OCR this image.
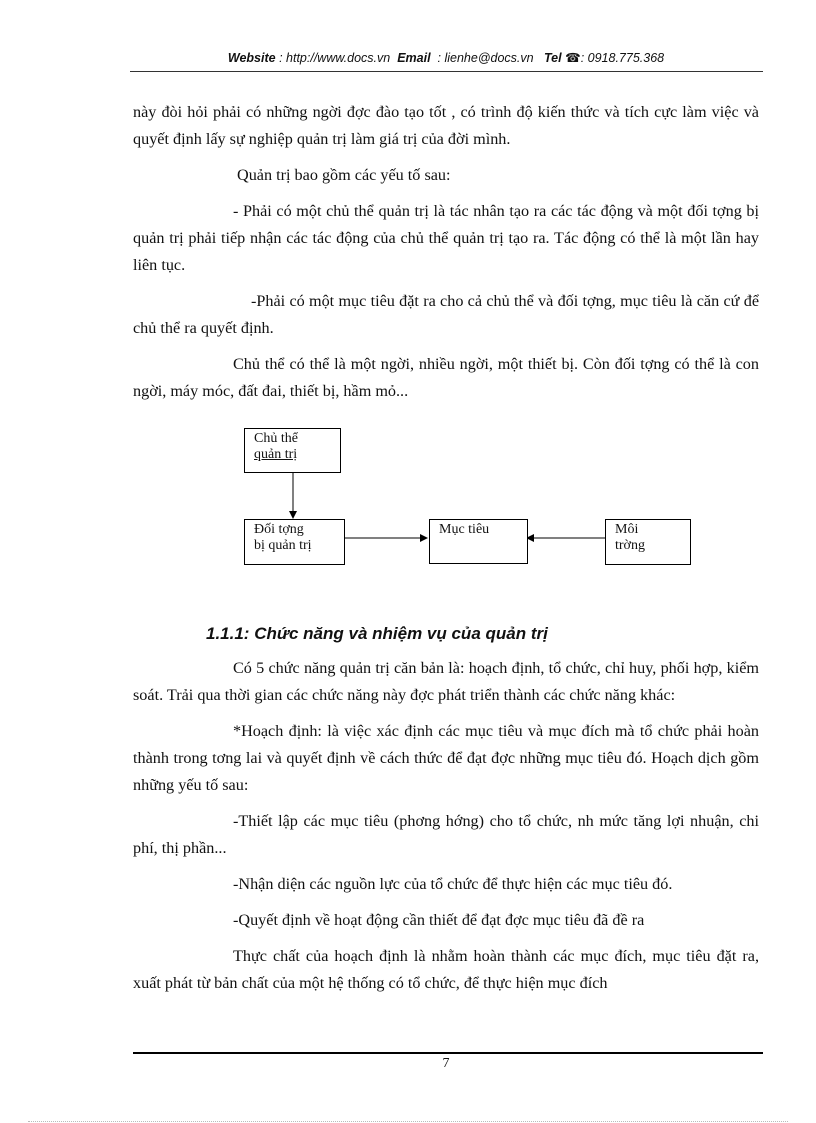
Website : http://www.docs.vn Email : lienhe@docs.vn Tel ☎: 0918.775.368

này đòi hỏi phải có những ngời đợc đào tạo tốt , có trình độ kiến thức và tích cực làm việc và quyết định lấy sự nghiệp quản trị làm giá trị của đời mình.

Quản trị bao gồm các yếu tố sau:

- Phải có một chủ thể quản trị là tác nhân tạo ra các tác động và một đối tợng bị quản trị phải tiếp nhận các tác động của chủ thể quản trị tạo ra. Tác động có thể là một lần hay liên tục.

-Phải có một mục tiêu đặt ra cho cả chủ thể và đối tợng, mục tiêu là căn cứ để chủ thể ra quyết định.

Chủ thể có thể là một ngời, nhiều ngời, một thiết bị. Còn đối tợng có thể là con ngời, máy móc, đất đai, thiết bị, hầm mỏ...

Chủ thể
quản trị
Đối tợng
bị quản trị
Mục tiêu	Môi
trờng

1.1.1: Chức năng và nhiệm vụ của quản trị

Có 5 chức năng quản trị căn bản là: hoạch định, tổ chức, chỉ huy, phối hợp, kiểm soát. Trải qua thời gian các chức năng này đợc phát triển thành các chức năng khác:

*Hoạch định: là việc xác định các mục tiêu và mục đích mà tổ chức phải hoàn thành trong tơng lai và quyết định về cách thức để đạt đợc những mục tiêu đó. Hoạch dịch gồm những yếu tố sau:

-Thiết lập các mục tiêu (phơng hớng) cho tổ chức, nh mức tăng lợi nhuận, chi phí, thị phần...

-Nhận diện các nguồn lực của tổ chức để thực hiện các mục tiêu đó.

-Quyết định về hoạt động cần thiết để đạt đợc mục tiêu đã đề ra

Thực chất của hoạch định là nhằm hoàn thành các mục đích, mục tiêu đặt ra, xuất phát từ bản chất của một hệ thống có tổ chức, để thực hiện mục đích

7
